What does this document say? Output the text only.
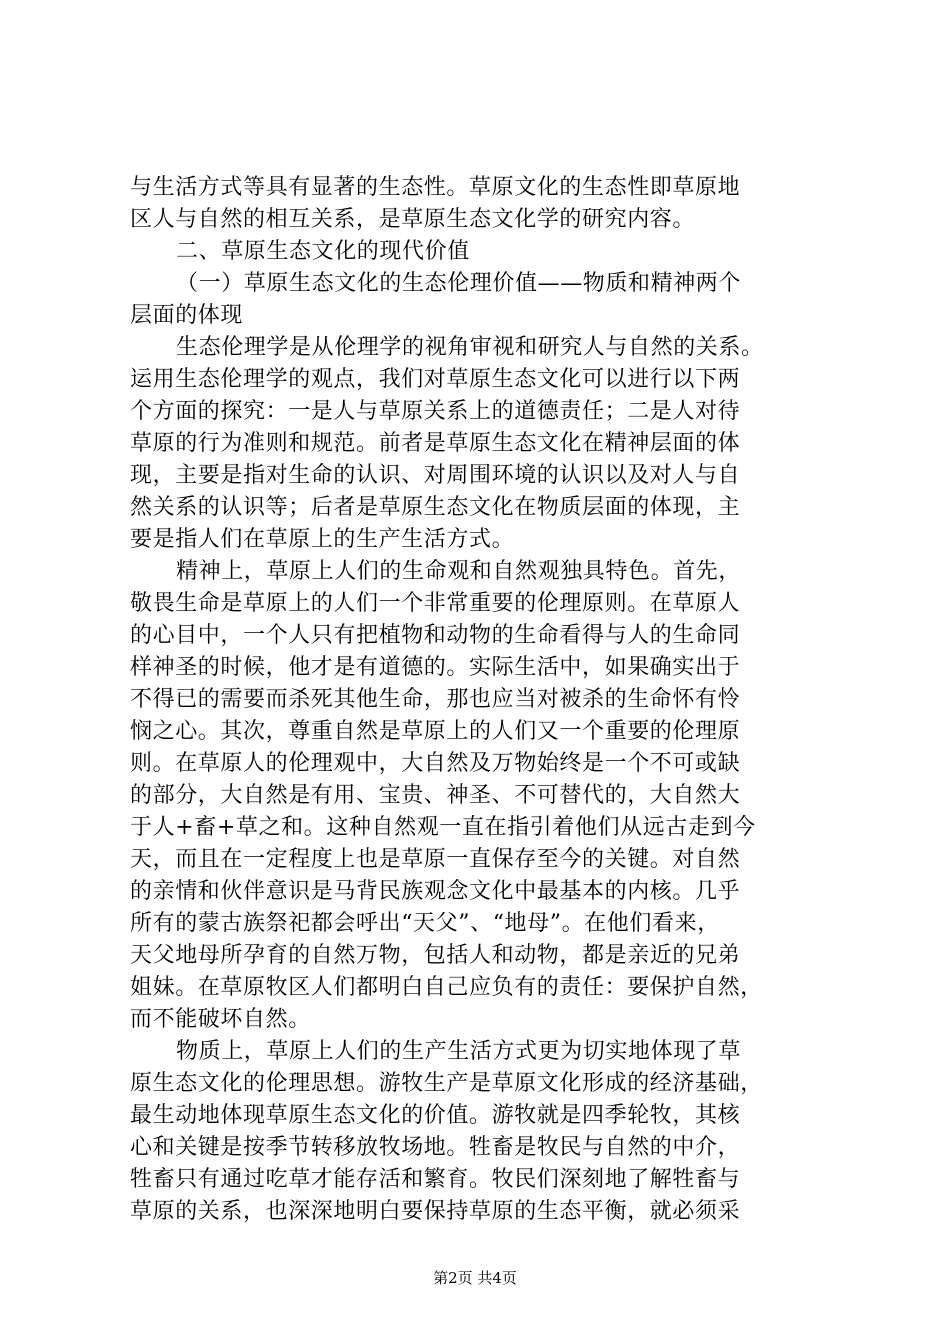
与生活方式等具有显著的生态性。草原文化的生态性即草原地
区人与自然的相互关系，是草原生态文化学的研究内容。
二、草原生态文化的现代价值
（一）草原生态文化的生态伦理价值——物质和精神两个
层面的体现
生态伦理学是从伦理学的视角审视和研究人与自然的关系。
运用生态伦理学的观点，我们对草原生态文化可以进行以下两
个方面的探究：一是人与草原关系上的道德责任；二是人对待
草原的行为准则和规范。前者是草原生态文化在精神层面的体
现，主要是指对生命的认识、对周围环境的认识以及对人与自
然关系的认识等；后者是草原生态文化在物质层面的体现，主
要是指人们在草原上的生产生活方式。
精神上，草原上人们的生命观和自然观独具特色。首先，
敬畏生命是草原上的人们一个非常重要的伦理原则。在草原人
的心目中，一个人只有把植物和动物的生命看得与人的生命同
样神圣的时候，他才是有道德的。实际生活中，如果确实出于
不得已的需要而杀死其他生命，那也应当对被杀的生命怀有怜
悯之心。其次，尊重自然是草原上的人们又一个重要的伦理原
则。在草原人的伦理观中，大自然及万物始终是一个不可或缺
的部分，大自然是有用、宝贵、神圣、不可替代的，大自然大
于人+畜+草之和。这种自然观一直在指引着他们从远古走到今
天，而且在一定程度上也是草原一直保存至今的关键。对自然
的亲情和伙伴意识是马背民族观念文化中最基本的内核。几乎
所有的蒙古族祭祀都会呼出“天父”、“地母”。在他们看来，
天父地母所孕育的自然万物，包括人和动物，都是亲近的兄弟
姐妹。在草原牧区人们都明白自己应负有的责任：要保护自然，
而不能破坏自然。
物质上，草原上人们的生产生活方式更为切实地体现了草
原生态文化的伦理思想。游牧生产是草原文化形成的经济基础，
最生动地体现草原生态文化的价值。游牧就是四季轮牧，其核
心和关键是按季节转移放牧场地。牲畜是牧民与自然的中介，
牲畜只有通过吃草才能存活和繁育。牧民们深刻地了解牲畜与
草原的关系，也深深地明白要保持草原的生态平衡，就必须采
第2页 共4页
